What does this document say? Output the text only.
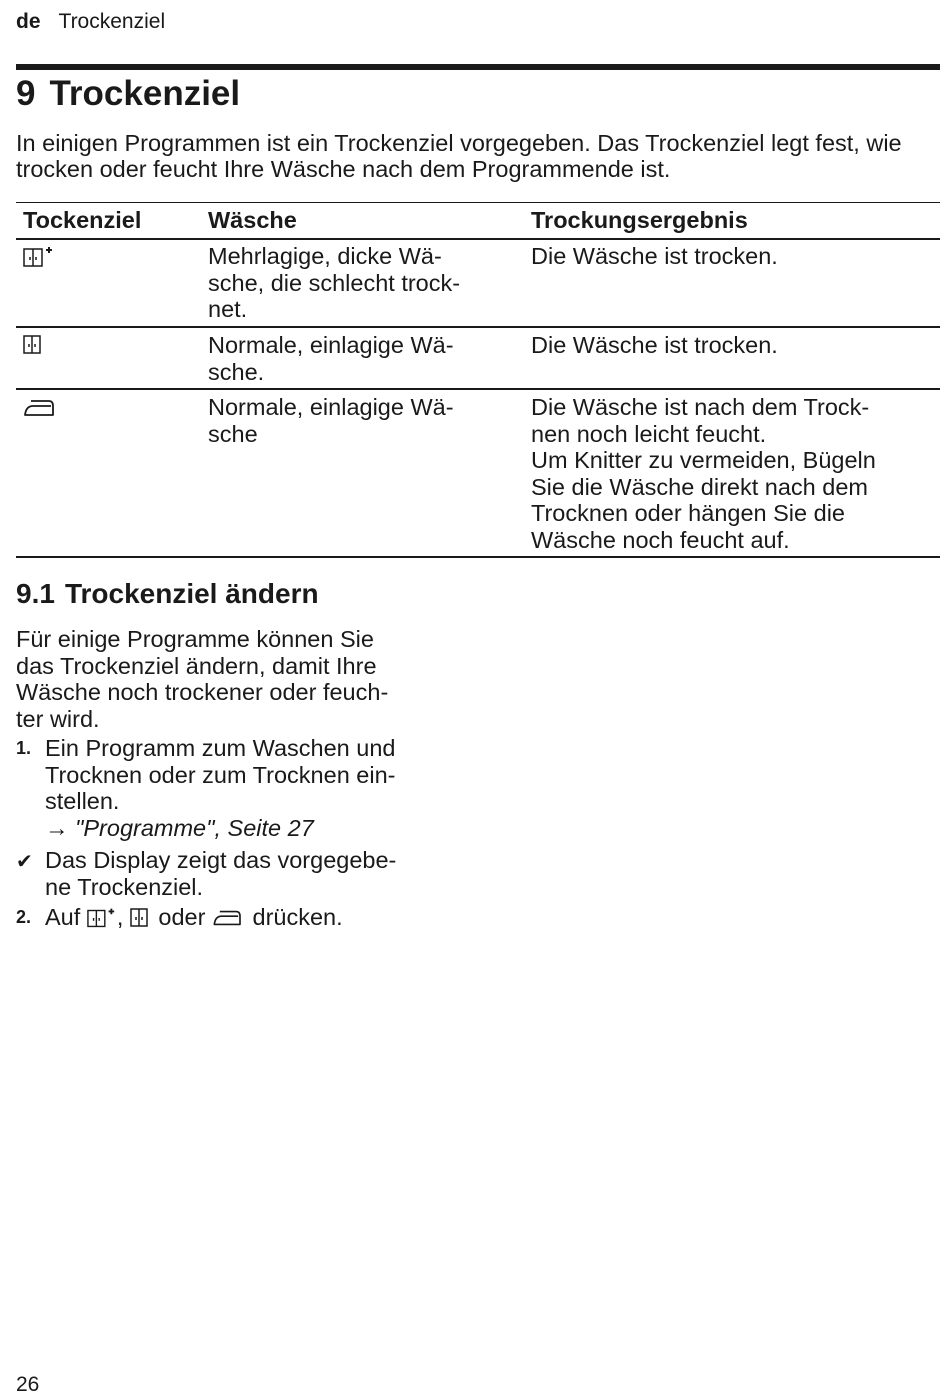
de Trockenziel
9 Trockenziel

In einigen Programmen ist ein Trockenziel vorgegeben. Das Trockenziel legt fest, wie trocken oder feucht Ihre Wäsche nach dem Programmende ist.

Tockenziel	Wäsche	Trockungsergebnis
Mehrlagige, dicke Wä-
sche, die schlecht trock-
net.
Die Wäsche ist trocken.
Normale, einlagige Wä-
sche.
Die Wäsche ist trocken.
Normale, einlagige Wä-
sche
Die Wäsche ist nach dem Trock-
nen noch leicht feucht.
Um Knitter zu vermeiden, Bügeln
Sie die Wäsche direkt nach dem
Trocknen oder hängen Sie die
Wäsche noch feucht auf.
9.1 Trockenziel ändern
Für einige Programme können Sie
das Trockenziel ändern, damit Ihre
Wäsche noch trockener oder feuch-
ter wird.
1. Ein Programm zum Waschen und
Trocknen oder zum Trocknen ein-
stellen.
→ "Programme", Seite 27
✔ Das Display zeigt das vorgegebe-
ne Trockenziel.
2. Auf , oder drücken.
26
